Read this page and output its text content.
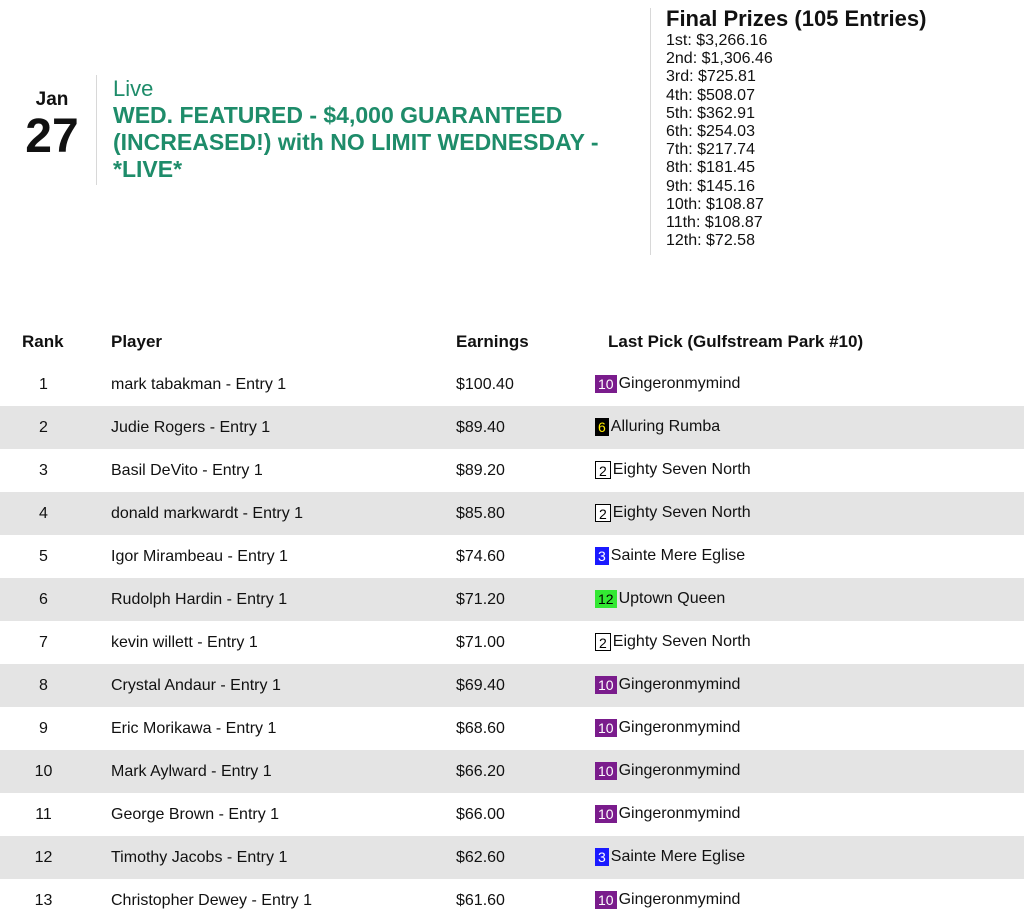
Jan
27
Live
WED. FEATURED - $4,000 GUARANTEED (INCREASED!) with NO LIMIT WEDNESDAY - *LIVE*
Final Prizes (105 Entries)
1st: $3,266.16
2nd: $1,306.46
3rd: $725.81
4th: $508.07
5th: $362.91
6th: $254.03
7th: $217.74
8th: $181.45
9th: $145.16
10th: $108.87
11th: $108.87
12th: $72.58
Rank	Player	Earnings	Last Pick (Gulfstream Park #10)
1	mark tabakman - Entry 1	$100.40	10 Gingeronmymind

2	Judie Rogers - Entry 1	$89.40	6 Alluring Rumba

3	Basil DeVito - Entry 1	$89.20	2 Eighty Seven North

4	donald markwardt - Entry 1	$85.80	2 Eighty Seven North

5	Igor Mirambeau - Entry 1	$74.60	3 Sainte Mere Eglise

6	Rudolph Hardin - Entry 1	$71.20	12 Uptown Queen

7	kevin willett - Entry 1	$71.00	2 Eighty Seven North

8	Crystal Andaur - Entry 1	$69.40	10 Gingeronmymind

9	Eric Morikawa - Entry 1	$68.60	10 Gingeronmymind

10	Mark Aylward - Entry 1	$66.20	10 Gingeronmymind

11	George Brown - Entry 1	$66.00	10 Gingeronmymind

12	Timothy Jacobs - Entry 1	$62.60	3 Sainte Mere Eglise

13	Christopher Dewey - Entry 1	$61.60	10 Gingeronmymind
